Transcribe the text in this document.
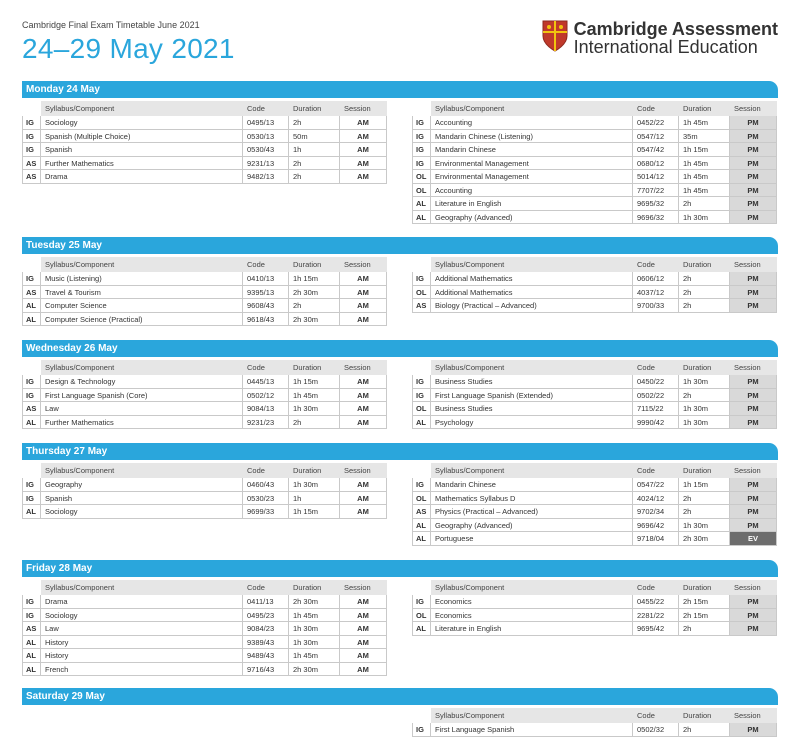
Cambridge Final Exam Timetable June 2021
24–29 May 2021
Cambridge Assessment
International Education
Monday 24 May
Syllabus/Component	Code	Duration	Session
IG	Sociology	0495/13	2h	AM
IG	Spanish (Multiple Choice)	0530/13	50m	AM
IG	Spanish	0530/43	1h	AM
AS	Further Mathematics	9231/13	2h	AM
AS	Drama	9482/13	2h	AM
Syllabus/Component	Code	Duration	Session
IG	Accounting	0452/22	1h 45m	PM
IG	Mandarin Chinese (Listening)	0547/12	35m	PM
IG	Mandarin Chinese	0547/42	1h 15m	PM
IG	Environmental Management	0680/12	1h 45m	PM
OL	Environmental Management	5014/12	1h 45m	PM
OL	Accounting	7707/22	1h 45m	PM
AL	Literature in English	9695/32	2h	PM
AL	Geography (Advanced)	9696/32	1h 30m	PM
Tuesday 25 May
Syllabus/Component	Code	Duration	Session
IG	Music (Listening)	0410/13	1h 15m	AM
AS	Travel & Tourism	9395/13	2h 30m	AM
AL	Computer Science	9608/43	2h	AM
AL	Computer Science (Practical)	9618/43	2h 30m	AM
Syllabus/Component	Code	Duration	Session
IG	Additional Mathematics	0606/12	2h	PM
OL	Additional Mathematics	4037/12	2h	PM
AS	Biology (Practical – Advanced)	9700/33	2h	PM
Wednesday 26 May
Syllabus/Component	Code	Duration	Session
IG	Design & Technology	0445/13	1h 15m	AM
IG	First Language Spanish (Core)	0502/12	1h 45m	AM
AS	Law	9084/13	1h 30m	AM
AL	Further Mathematics	9231/23	2h	AM
Syllabus/Component	Code	Duration	Session
IG	Business Studies	0450/22	1h 30m	PM
IG	First Language Spanish (Extended)	0502/22	2h	PM
OL	Business Studies	7115/22	1h 30m	PM
AL	Psychology	9990/42	1h 30m	PM
Thursday 27 May
Syllabus/Component	Code	Duration	Session
IG	Geography	0460/43	1h 30m	AM
IG	Spanish	0530/23	1h	AM
AL	Sociology	9699/33	1h 15m	AM
Syllabus/Component	Code	Duration	Session
IG	Mandarin Chinese	0547/22	1h 15m	PM
OL	Mathematics Syllabus D	4024/12	2h	PM
AS	Physics (Practical – Advanced)	9702/34	2h	PM
AL	Geography (Advanced)	9696/42	1h 30m	PM
AL	Portuguese	9718/04	2h 30m	EV
Friday 28 May
Syllabus/Component	Code	Duration	Session
IG	Drama	0411/13	2h 30m	AM
IG	Sociology	0495/23	1h 45m	AM
AS	Law	9084/23	1h 30m	AM
AL	History	9389/43	1h 30m	AM
AL	History	9489/43	1h 45m	AM
AL	French	9716/43	2h 30m	AM
Syllabus/Component	Code	Duration	Session
IG	Economics	0455/22	2h 15m	PM
OL	Economics	2281/22	2h 15m	PM
AL	Literature in English	9695/42	2h	PM
Saturday 29 May
Syllabus/Component	Code	Duration	Session
IG	First Language Spanish	0502/32	2h	PM
